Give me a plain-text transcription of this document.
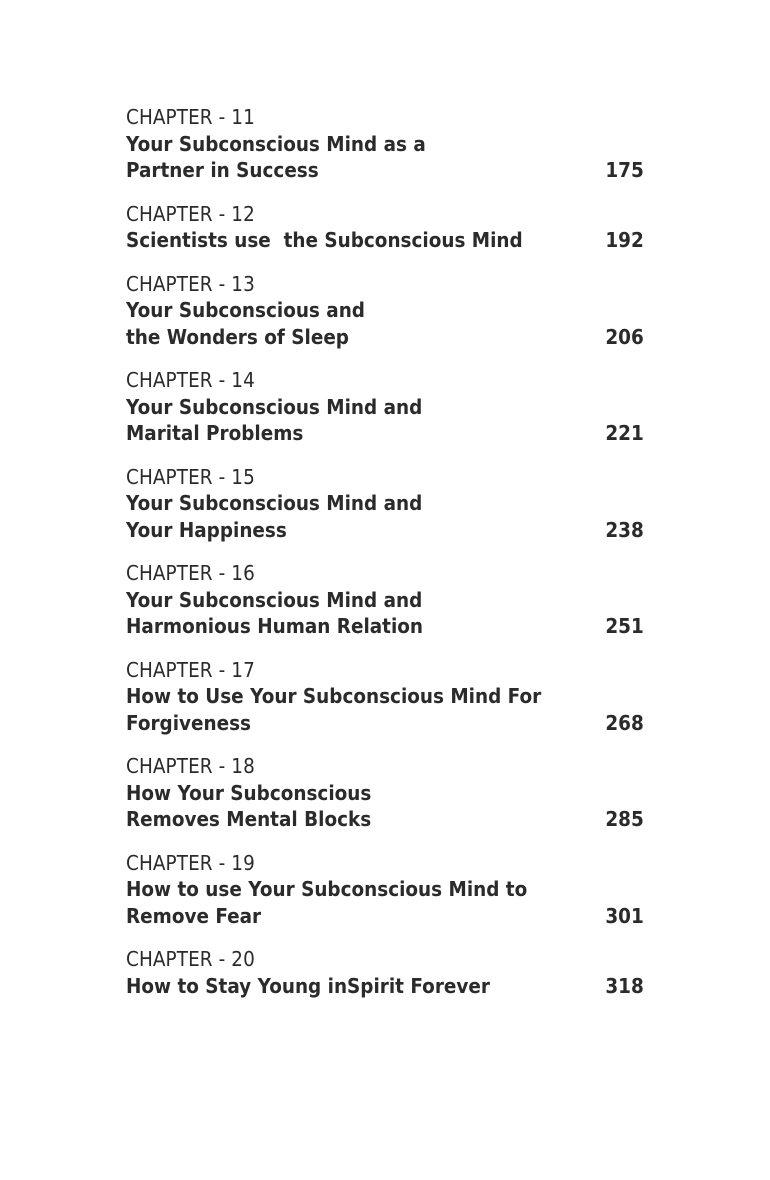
CHAPTER - 11
Your Subconscious Mind as a
Partner in Success	175
CHAPTER - 12
Scientists use  the Subconscious Mind	192
CHAPTER - 13
Your Subconscious and
the Wonders of Sleep	206
CHAPTER - 14
Your Subconscious Mind and
Marital Problems	221
CHAPTER - 15
Your Subconscious Mind and
Your Happiness	238
CHAPTER - 16
Your Subconscious Mind and
Harmonious Human Relation	251
CHAPTER - 17
How to Use Your Subconscious Mind For
Forgiveness	268
CHAPTER - 18
How Your Subconscious
Removes Mental Blocks	285
CHAPTER - 19
How to use Your Subconscious Mind to
Remove Fear	301
CHAPTER - 20
How to Stay Young inSpirit Forever	318
